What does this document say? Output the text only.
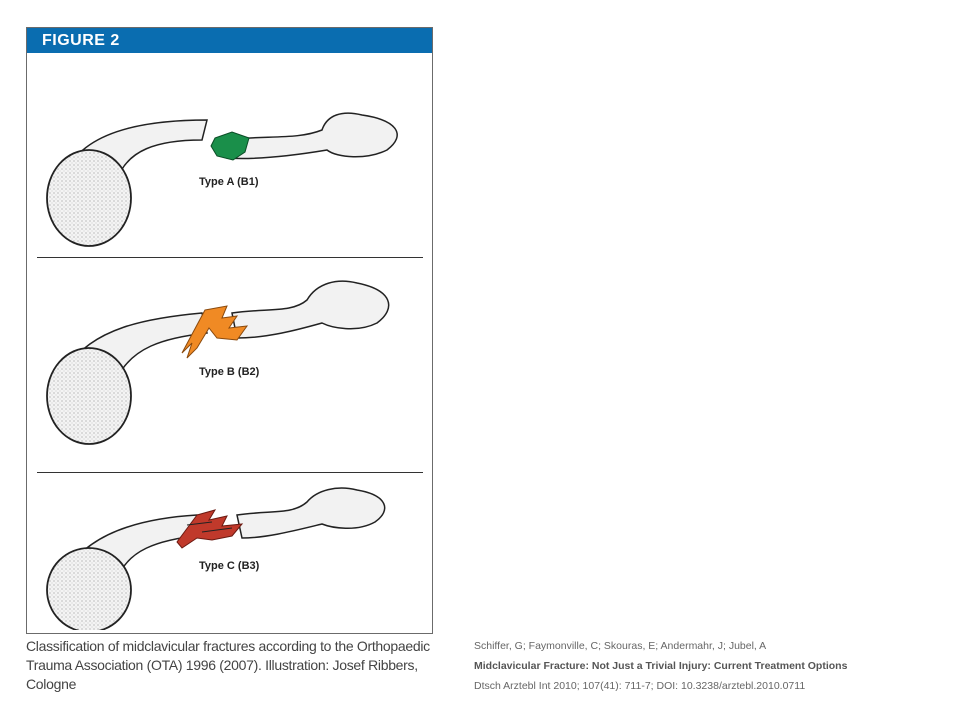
FIGURE 2
Type A (B1)
Type B (B2)
Type C (B3)
Classification of midclavicular fractures according to the Orthopaedic Trauma Association (OTA) 1996 (2007). Illustration: Josef Ribbers, Cologne
Schiffer, G; Faymonville, C; Skouras, E; Andermahr, J; Jubel, A
Midclavicular Fracture: Not Just a Trivial Injury: Current Treatment Options
Dtsch Arztebl Int 2010; 107(41): 711-7; DOI: 10.3238/arztebl.2010.0711
